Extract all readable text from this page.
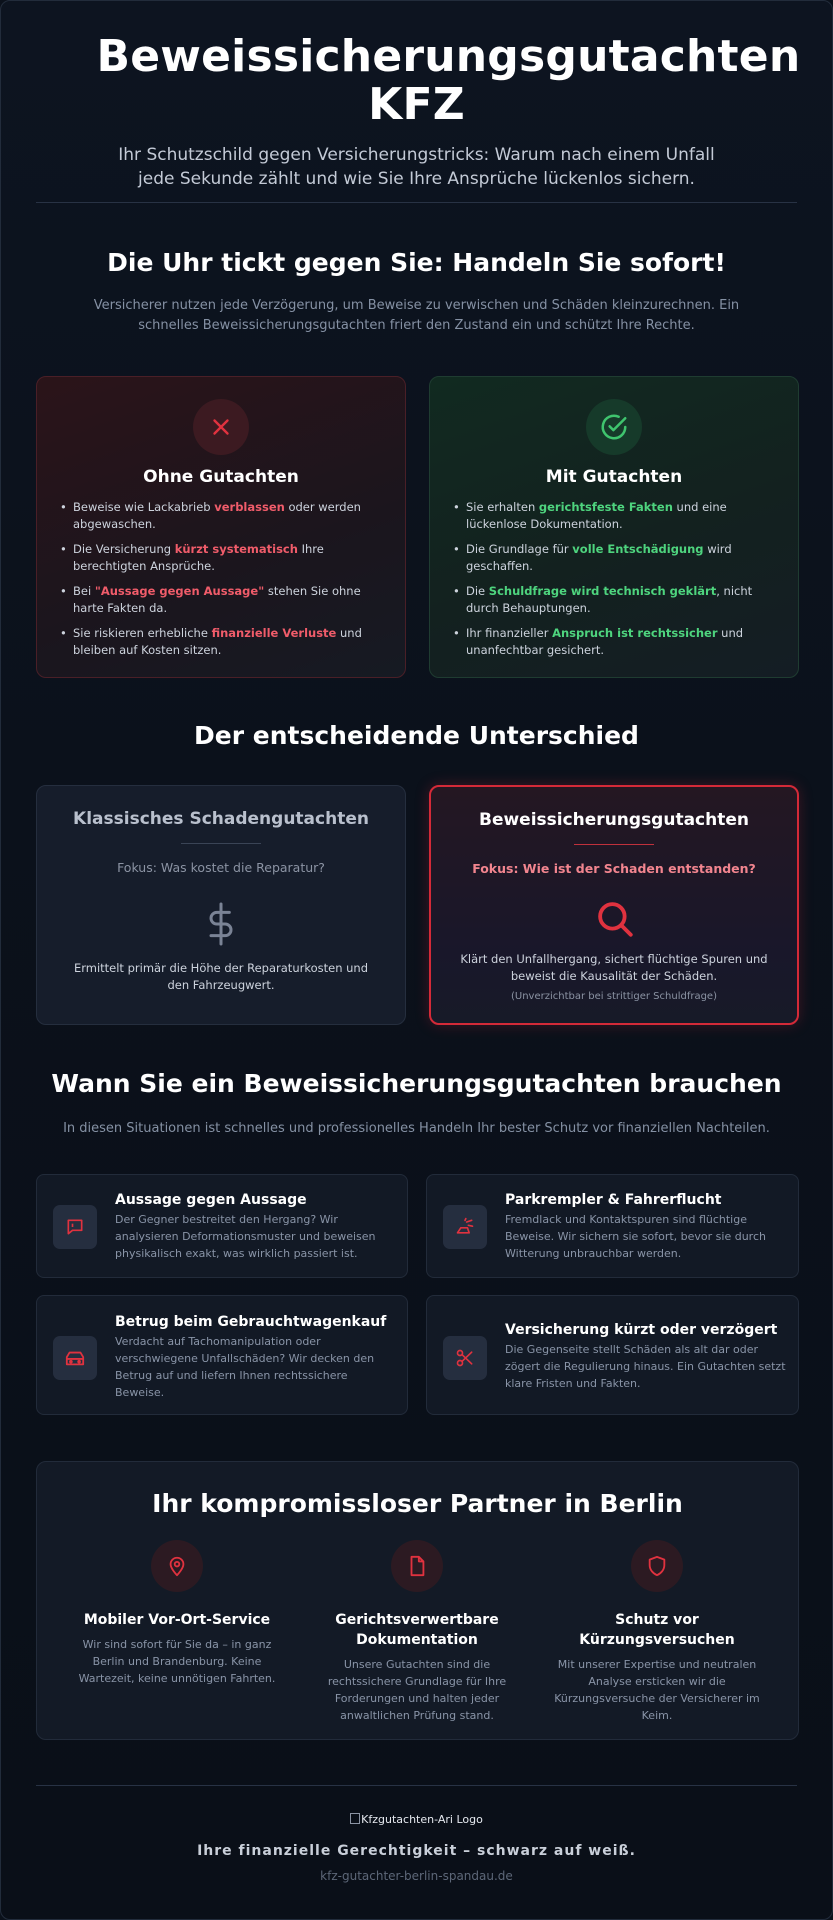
Beweissicherungsgutachten KFZ

Ihr Schutzschild gegen Versicherungstricks: Warum nach einem Unfall jede Sekunde zählt und wie Sie Ihre Ansprüche lückenlos sichern.

Die Uhr tickt gegen Sie: Handeln Sie sofort!

Versicherer nutzen jede Verzögerung, um Beweise zu verwischen und Schäden kleinzurechnen. Ein schnelles Beweissicherungsgutachten friert den Zustand ein und schützt Ihre Rechte.

Ohne Gutachten
• Beweise wie Lackabrieb verblassen oder werden abgewaschen.
• Die Versicherung kürzt systematisch Ihre berechtigten Ansprüche.
• Bei "Aussage gegen Aussage" stehen Sie ohne harte Fakten da.
• Sie riskieren erhebliche finanzielle Verluste und bleiben auf Kosten sitzen.
Mit Gutachten
• Sie erhalten gerichtsfeste Fakten und eine lückenlose Dokumentation.
• Die Grundlage für volle Entschädigung wird geschaffen.
• Die Schuldfrage wird technisch geklärt, nicht durch Behauptungen.
• Ihr finanzieller Anspruch ist rechtssicher und unanfechtbar gesichert.
Der entscheidende Unterschied
Klassisches Schadengutachten
Fokus: Was kostet die Reparatur?
Ermittelt primär die Höhe der Reparaturkosten und den Fahrzeugwert.
Beweissicherungsgutachten
Fokus: Wie ist der Schaden entstanden?
Klärt den Unfallhergang, sichert flüchtige Spuren und beweist die Kausalität der Schäden.
(Unverzichtbar bei strittiger Schuldfrage)
Wann Sie ein Beweissicherungsgutachten brauchen

In diesen Situationen ist schnelles und professionelles Handeln Ihr bester Schutz vor finanziellen Nachteilen.

Aussage gegen Aussage
Der Gegner bestreitet den Hergang? Wir analysieren Deformationsmuster und beweisen physikalisch exakt, was wirklich passiert ist.
Parkrempler & Fahrerflucht
Fremdlack und Kontaktspuren sind flüchtige Beweise. Wir sichern sie sofort, bevor sie durch Witterung unbrauchbar werden.
Betrug beim Gebrauchtwagenkauf
Verdacht auf Tachomanipulation oder verschwiegene Unfallschäden? Wir decken den Betrug auf und liefern Ihnen rechtssichere Beweise.
Versicherung kürzt oder verzögert
Die Gegenseite stellt Schäden als alt dar oder zögert die Regulierung hinaus. Ein Gutachten setzt klare Fristen und Fakten.
Ihr kompromissloser Partner in Berlin
Mobiler Vor-Ort-Service
Wir sind sofort für Sie da – in ganz Berlin und Brandenburg. Keine Wartezeit, keine unnötigen Fahrten.
Gerichtsverwertbare Dokumentation
Unsere Gutachten sind die rechtssichere Grundlage für Ihre Forderungen und halten jeder anwaltlichen Prüfung stand.
Schutz vor Kürzungsversuchen
Mit unserer Expertise und neutralen Analyse ersticken wir die Kürzungsversuche der Versicherer im Keim.
Kfzgutachten-Ari Logo
Ihre finanzielle Gerechtigkeit – schwarz auf weiß.
kfz-gutachter-berlin-spandau.de
